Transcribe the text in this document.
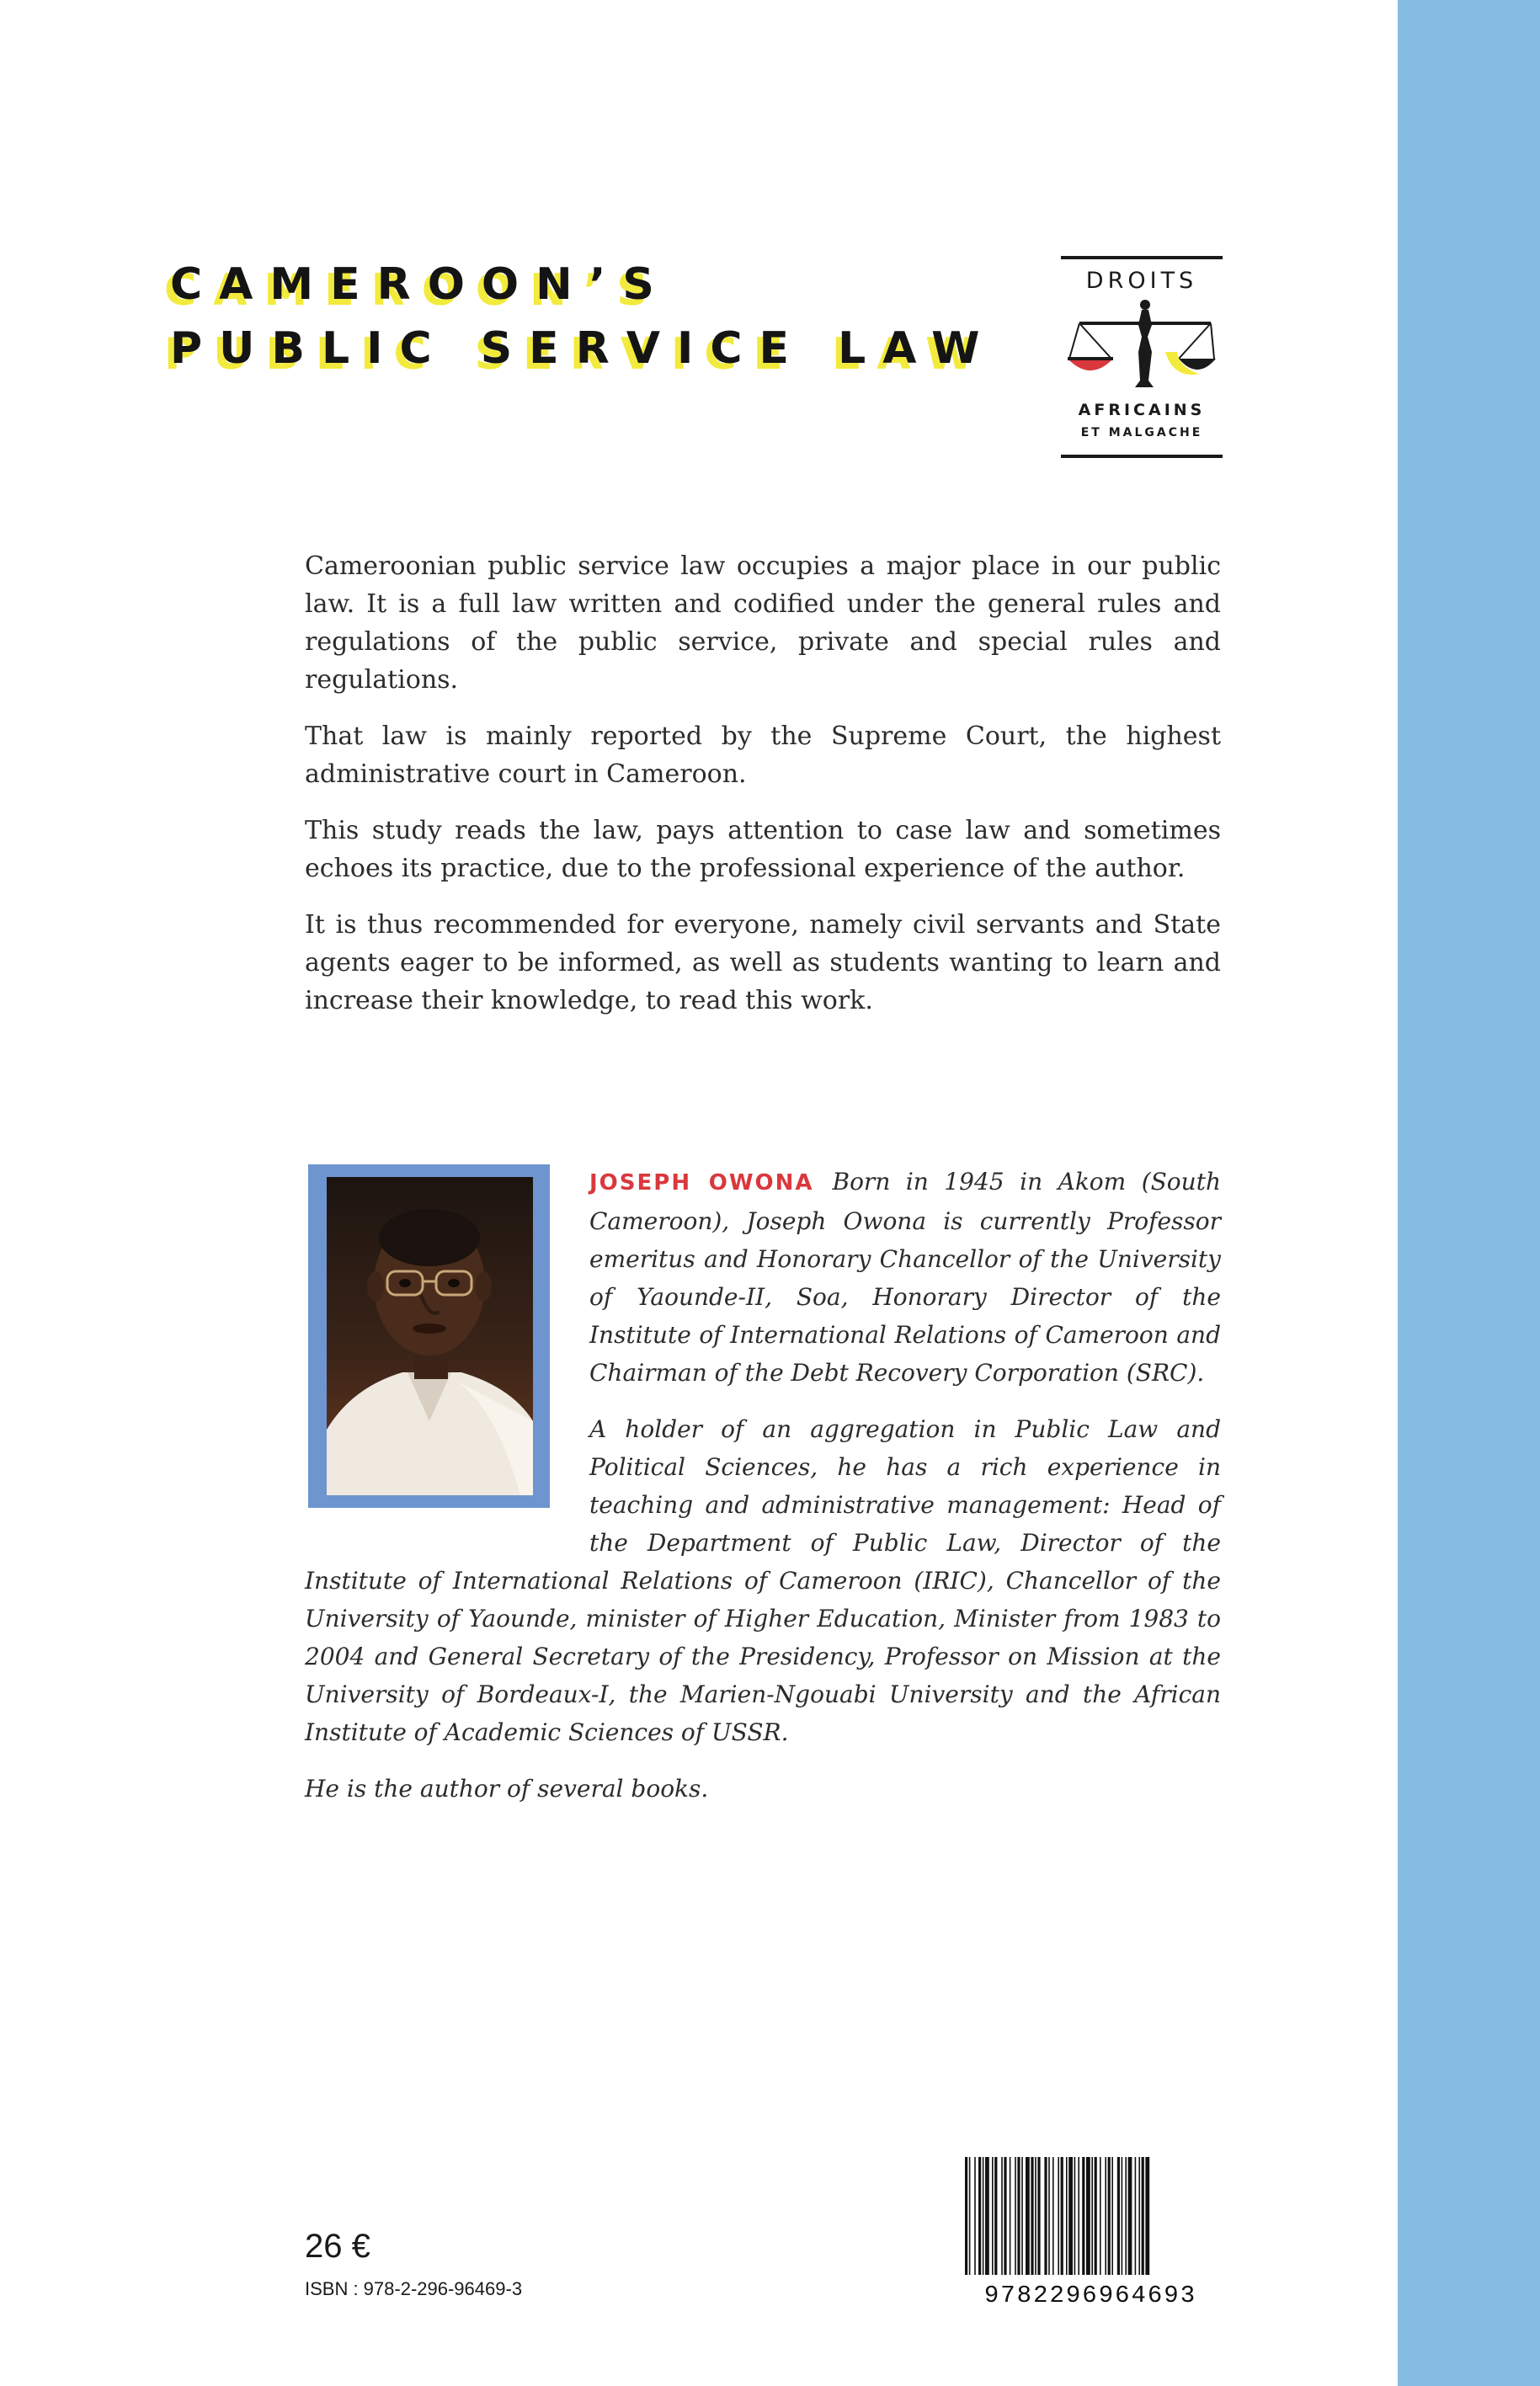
CAMEROON’S
PUBLIC SERVICE LAW
DROITS
AFRICAINS
ET MALGACHE

Cameroonian public service law occupies a major place in our public law. It is a full law written and codified under the general rules and regulations of the public service, private and special rules and regulations.

That law is mainly reported by the Supreme Court, the highest administrative court in Cameroon.

This study reads the law, pays attention to case law and sometimes echoes its practice, due to the professional experience of the author.

It is thus recommended for everyone, namely civil servants and State agents eager to be informed, as well as students wanting to learn and increase their knowledge, to read this work.

JOSEPH OWONA Born in 1945 in Akom (South Cameroon), Joseph Owona is currently Professor emeritus and Honorary Chancellor of the University of Yaounde-II, Soa, Honorary Director of the Institute of International Relations of Cameroon and Chairman of the Debt Recovery Corporation (SRC).

A holder of an aggregation in Public Law and Political Sciences, he has a rich experience in teaching and administrative management: Head of the Department of Public Law, Director of the Institute of International Relations of Cameroon (IRIC), Chancellor of the University of Yaounde, minister of Higher Education, Minister from 1983 to 2004 and General Secretary of the Presidency, Professor on Mission at the University of Bordeaux-I, the Marien-Ngouabi University and the African Institute of Academic Sciences of USSR.

He is the author of several books.

26 €
ISBN : 978-2-296-96469-3	9782296964693
